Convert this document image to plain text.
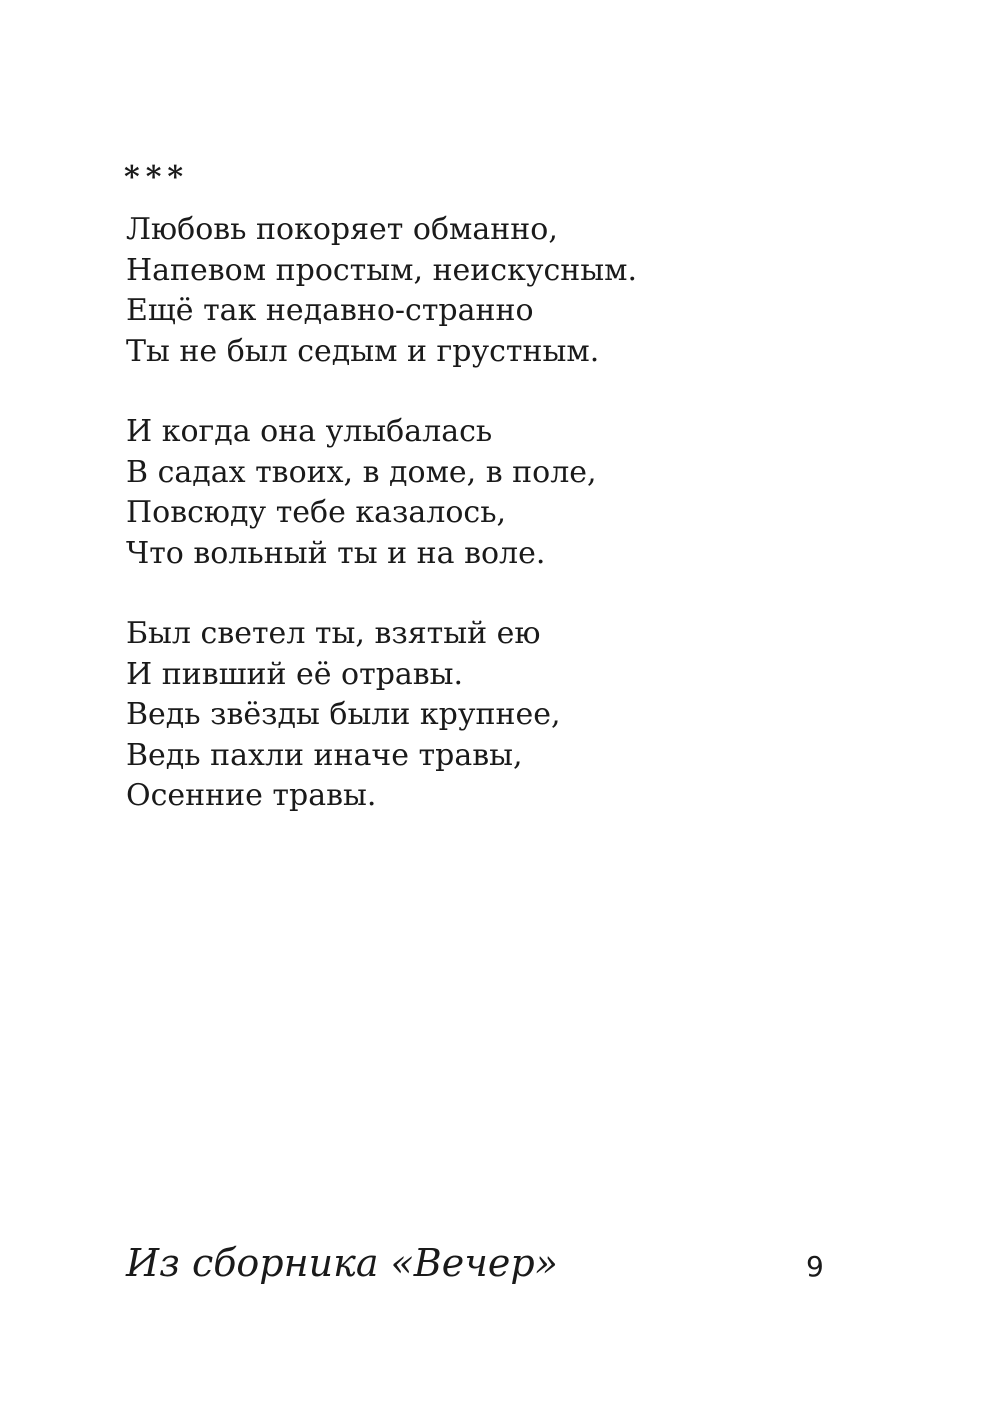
***
Любовь покоряет обманно,
Напевом простым, неискусным.
Ещё так недавно-странно
Ты не был седым и грустным.
И когда она улыбалась
В садах твоих, в доме, в поле,
Повсюду тебе казалось,
Что вольный ты и на воле.
Был светел ты, взятый ею
И пивший её отравы.
Ведь звёзды были крупнее,
Ведь пахли иначе травы,
Осенние травы.
Из сборника «Вечер»	9
